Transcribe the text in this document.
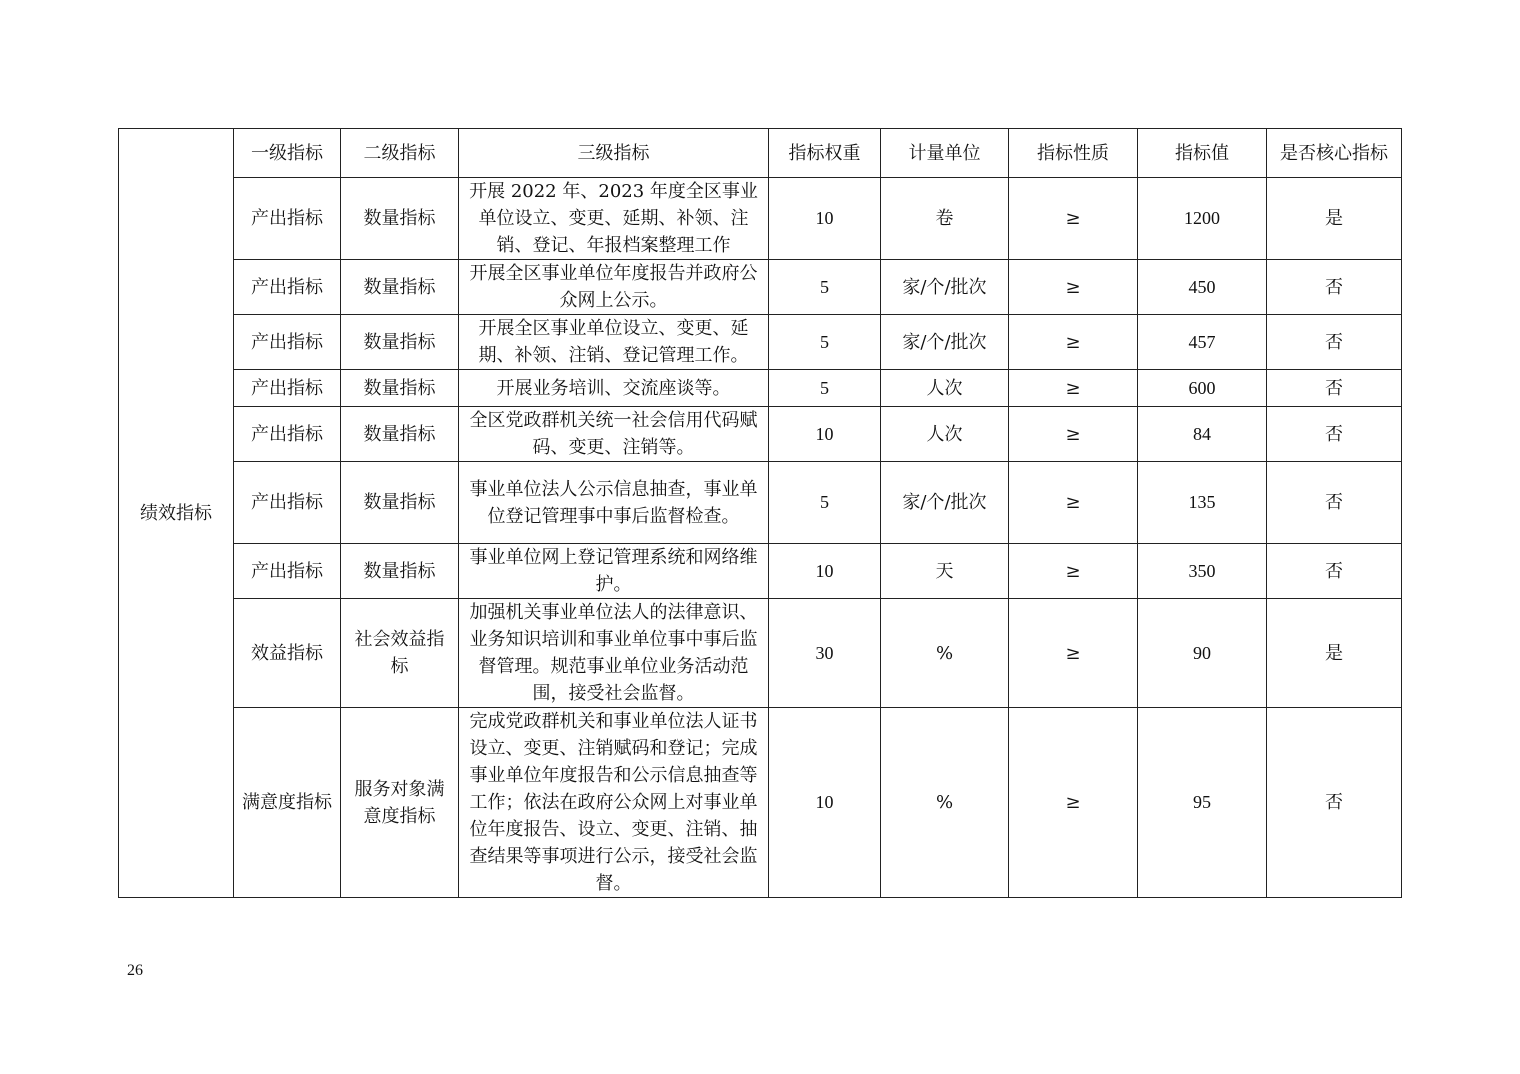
绩效指标	一级指标	二级指标	三级指标	指标权重	计量单位	指标性质	指标值	是否核心指标
	产出指标	数量指标	开展 2022 年、2023 年度全区事业单位设立、变更、延期、补领、注销、登记、年报档案整理工作	10	卷	≥	1200	是
	产出指标	数量指标	开展全区事业单位年度报告并政府公众网上公示。	5	家/个/批次	≥	450	否
	产出指标	数量指标	开展全区事业单位设立、变更、延期、补领、注销、登记管理工作。	5	家/个/批次	≥	457	否
	产出指标	数量指标	开展业务培训、交流座谈等。	5	人次	≥	600	否
	产出指标	数量指标	全区党政群机关统一社会信用代码赋码、变更、注销等。	10	人次	≥	84	否
	产出指标	数量指标	事业单位法人公示信息抽查，事业单位登记管理事中事后监督检查。	5	家/个/批次	≥	135	否
	产出指标	数量指标	事业单位网上登记管理系统和网络维护。	10	天	≥	350	否
	效益指标	社会效益指标	加强机关事业单位法人的法律意识、业务知识培训和事业单位事中事后监督管理。规范事业单位业务活动范围，接受社会监督。	30	%	≥	90	是
	满意度指标	服务对象满意度指标	完成党政群机关和事业单位法人证书设立、变更、注销赋码和登记；完成事业单位年度报告和公示信息抽查等工作；依法在政府公众网上对事业单位年度报告、设立、变更、注销、抽查结果等事项进行公示，接受社会监督。	10	%	≥	95	否
26
